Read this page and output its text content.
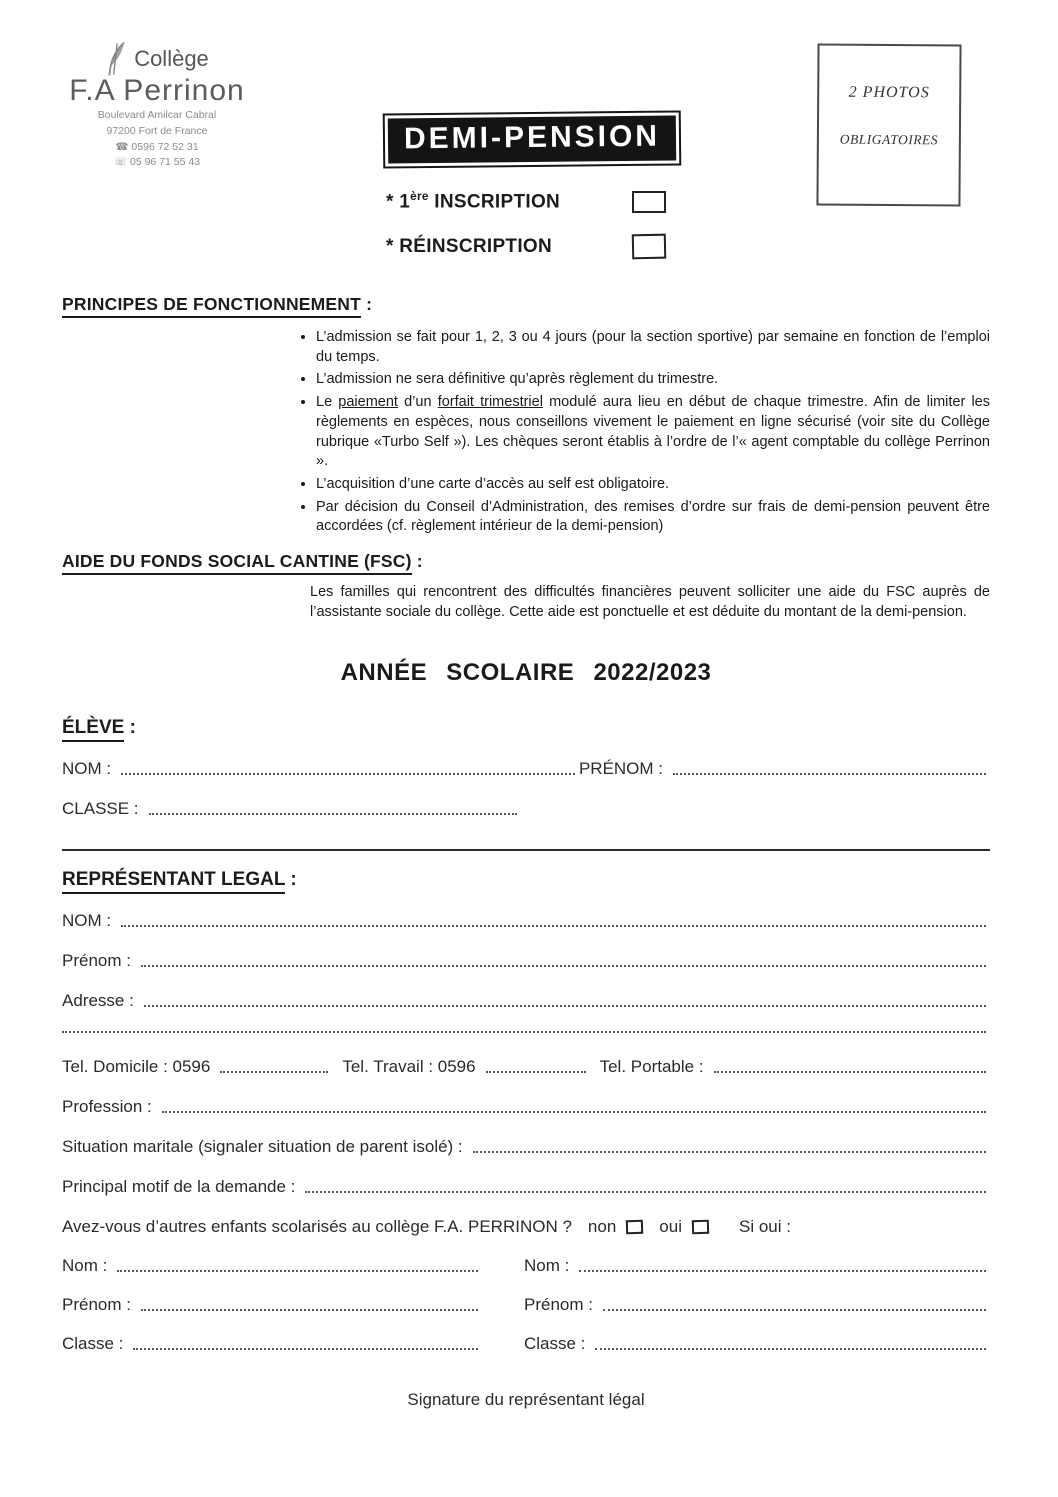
Collège
F.A Perrinon
Boulevard Amilcar Cabral
97200 Fort de France
☎ 0596 72 52 31
☏ 05 96 71 55 43
DEMI-PENSION
2 PHOTOS
OBLIGATOIRES
* 1ère INSCRIPTION
* RÉINSCRIPTION
PRINCIPES DE FONCTIONNEMENT :
• L’admission se fait pour 1, 2, 3 ou 4 jours (pour la section sportive) par semaine en fonction de l’emploi du temps.
• L’admission ne sera définitive qu’après règlement du trimestre.
• Le paiement d’un forfait trimestriel modulé aura lieu en début de chaque trimestre. Afin de limiter les règlements en espèces, nous conseillons vivement le paiement en ligne sécurisé (voir site du Collège rubrique «Turbo Self »). Les chèques seront établis à l’ordre de l’« agent comptable du collège Perrinon ».
• L’acquisition d’une carte d’accès au self est obligatoire.
• Par décision du Conseil d’Administration, des remises d’ordre sur frais de demi-pension peuvent être accordées (cf. règlement intérieur de la demi-pension)
AIDE DU FONDS SOCIAL CANTINE (FSC) :
Les familles qui rencontrent des difficultés financières peuvent solliciter une aide du FSC auprès de l’assistante sociale du collège. Cette aide est ponctuelle et est déduite du montant de la demi-pension.
ANNÉE SCOLAIRE 2022/2023
ÉLÈVE :
NOM :	PRÉNOM :
CLASSE :
REPRÉSENTANT LEGAL :
NOM :
Prénom :
Adresse :
Tel. Domicile : 0596	Tel. Travail : 0596	Tel. Portable :
Profession :
Situation maritale (signaler situation de parent isolé) :
Principal motif de la demande :
Avez-vous d’autres enfants scolarisés au collège F.A. PERRINON ? non	oui	Si oui :
Nom :	Nom :
Prénom :	Prénom :
Classe :	Classe :
Signature du représentant légal
